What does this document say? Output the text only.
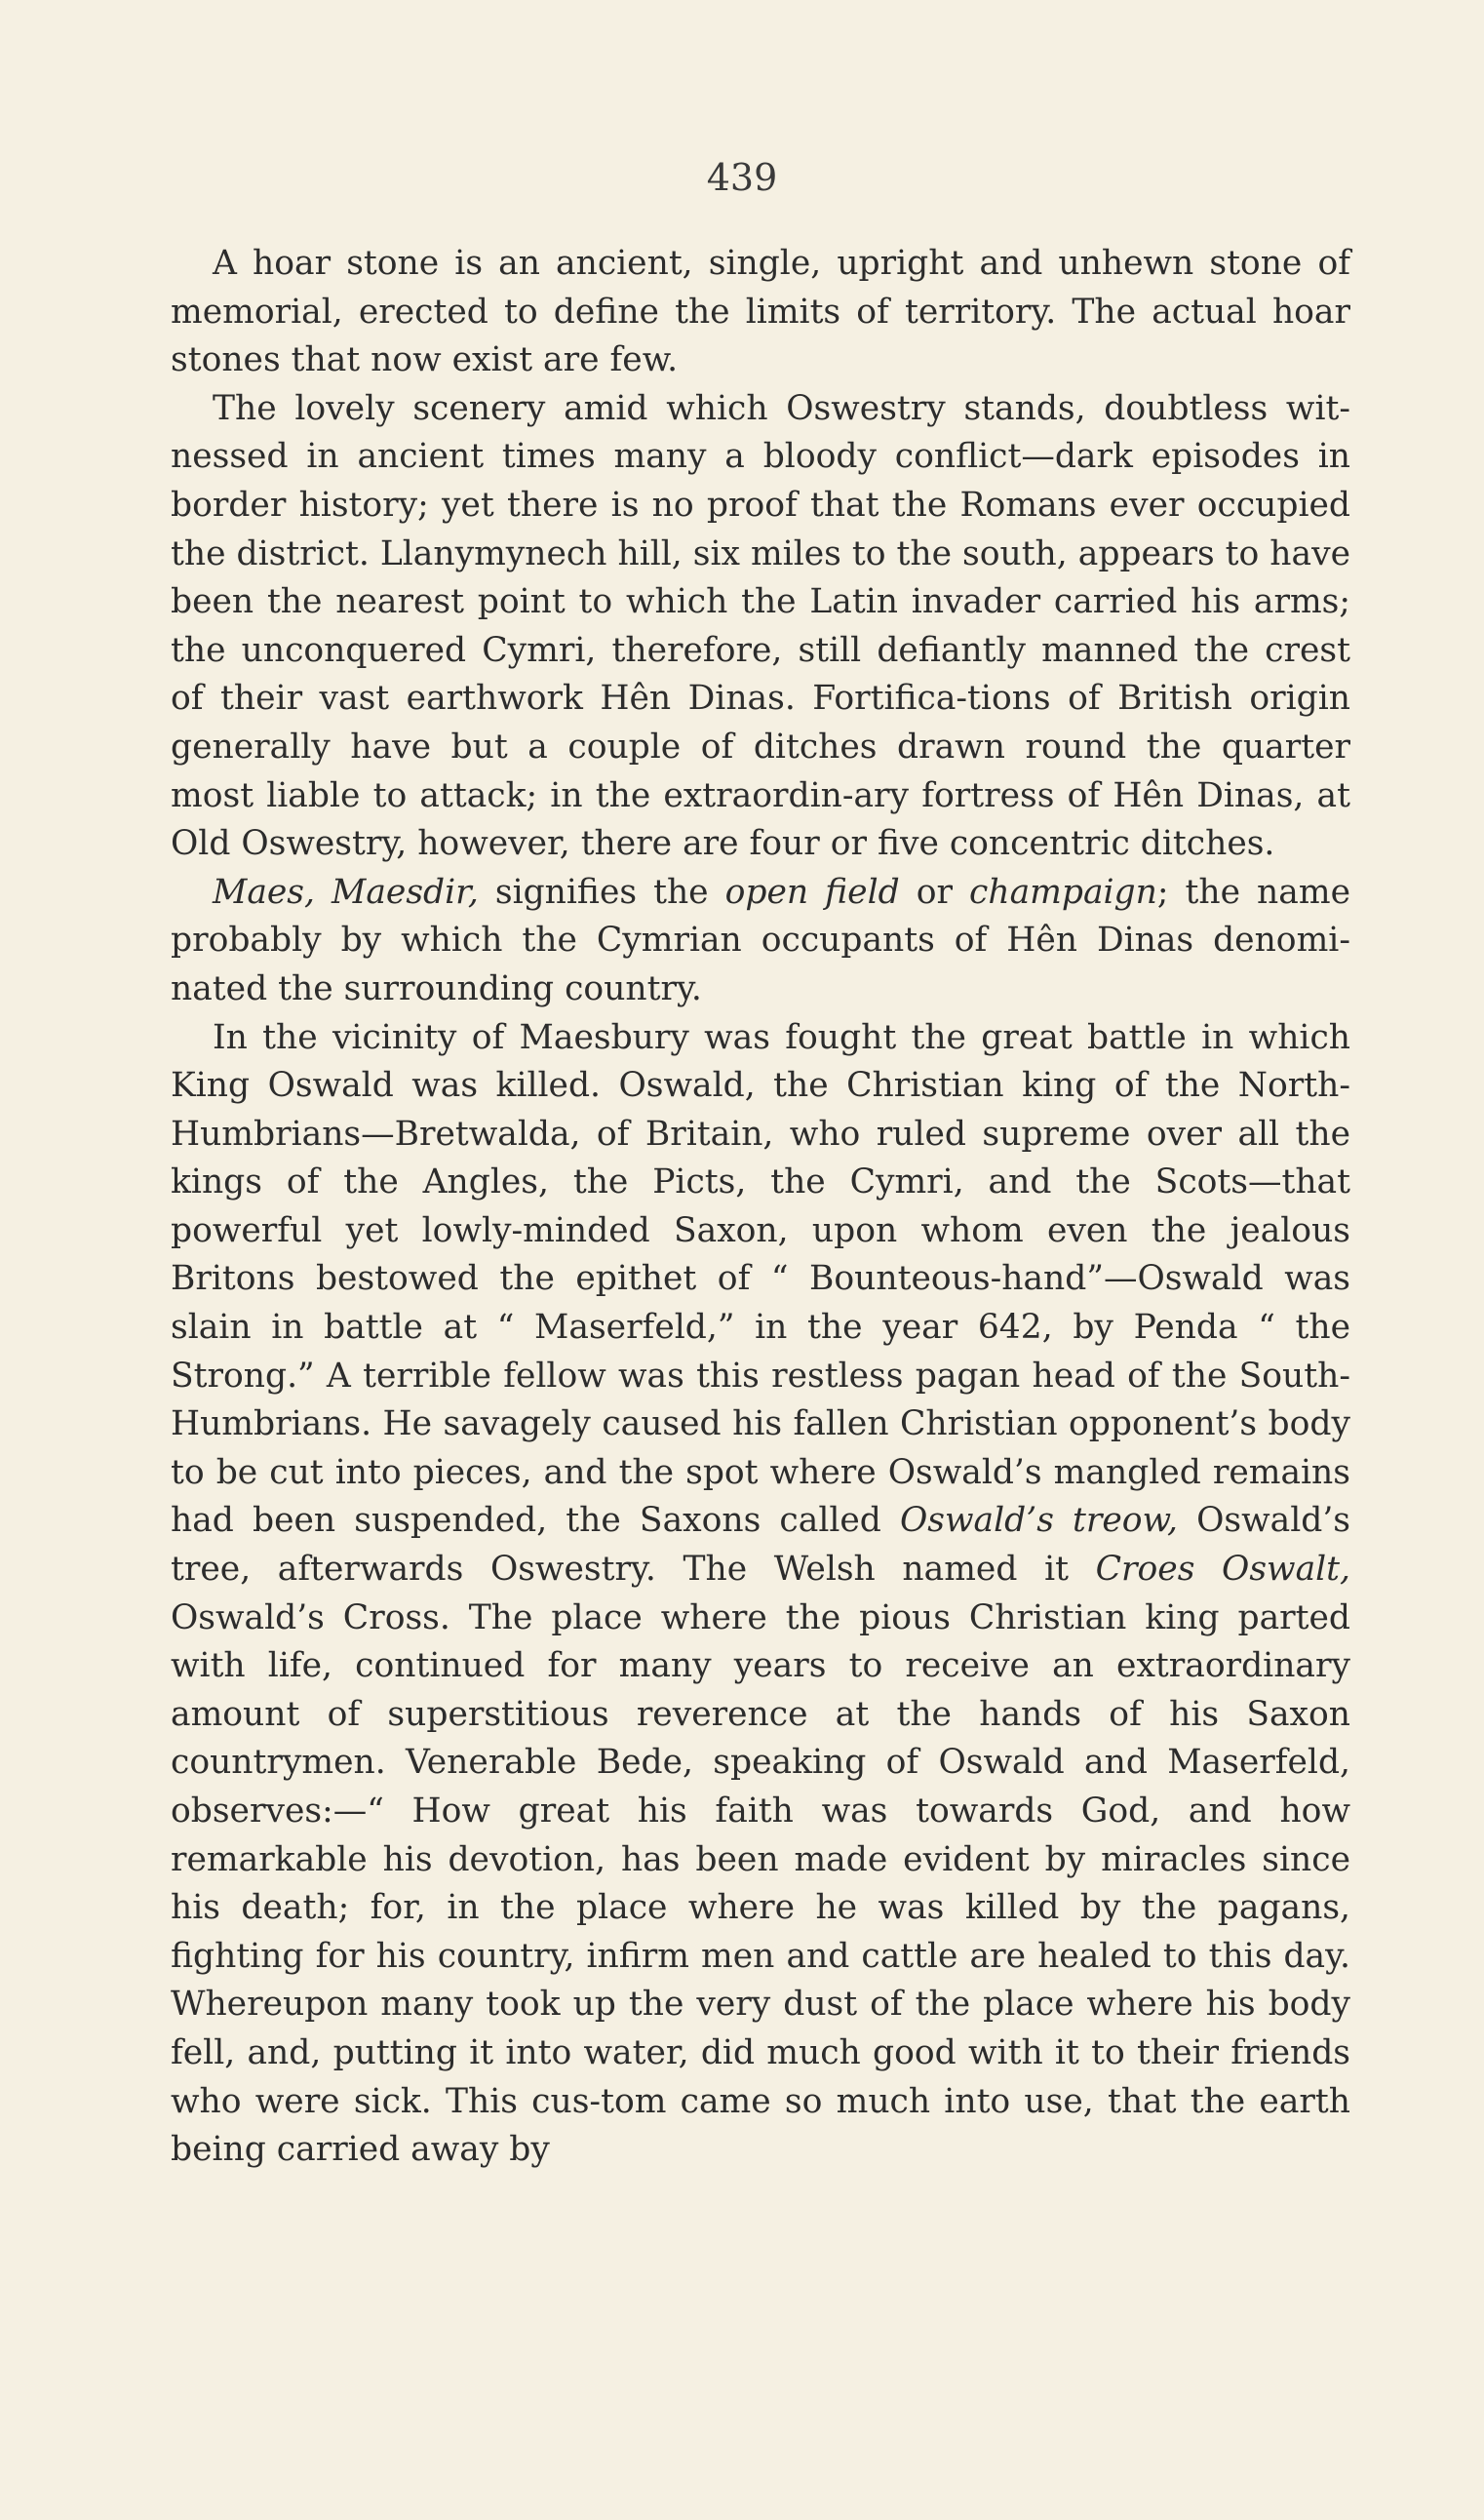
439

A hoar stone is an ancient, single, upright and unhewn stone of memorial, erected to define the limits of territory. The actual hoar stones that now exist are few.

The lovely scenery amid which Oswestry stands, doubtless wit-nessed in ancient times many a bloody conflict—dark episodes in border history; yet there is no proof that the Romans ever occupied the district. Llanymynech hill, six miles to the south, appears to have been the nearest point to which the Latin invader carried his arms; the unconquered Cymri, therefore, still defiantly manned the crest of their vast earthwork Hên Dinas. Fortifica-tions of British origin generally have but a couple of ditches drawn round the quarter most liable to attack; in the extraordin-ary fortress of Hên Dinas, at Old Oswestry, however, there are four or five concentric ditches.

Maes, Maesdir, signifies the open field or champaign; the name probably by which the Cymrian occupants of Hên Dinas denomi-nated the surrounding country.

In the vicinity of Maesbury was fought the great battle in which King Oswald was killed. Oswald, the Christian king of the North-Humbrians—Bretwalda, of Britain, who ruled supreme over all the kings of the Angles, the Picts, the Cymri, and the Scots—that powerful yet lowly-minded Saxon, upon whom even the jealous Britons bestowed the epithet of “ Bounteous-hand”—Oswald was slain in battle at “ Maserfeld,” in the year 642, by Penda “ the Strong.” A terrible fellow was this restless pagan head of the South-Humbrians. He savagely caused his fallen Christian opponent’s body to be cut into pieces, and the spot where Oswald’s mangled remains had been suspended, the Saxons called Oswald’s treow, Oswald’s tree, afterwards Oswestry. The Welsh named it Croes Oswalt, Oswald’s Cross. The place where the pious Christian king parted with life, continued for many years to receive an extraordinary amount of superstitious reverence at the hands of his Saxon countrymen. Venerable Bede, speaking of Oswald and Maserfeld, observes:—“ How great his faith was towards God, and how remarkable his devotion, has been made evident by miracles since his death; for, in the place where he was killed by the pagans, fighting for his country, infirm men and cattle are healed to this day. Whereupon many took up the very dust of the place where his body fell, and, putting it into water, did much good with it to their friends who were sick. This cus-tom came so much into use, that the earth being carried away by
